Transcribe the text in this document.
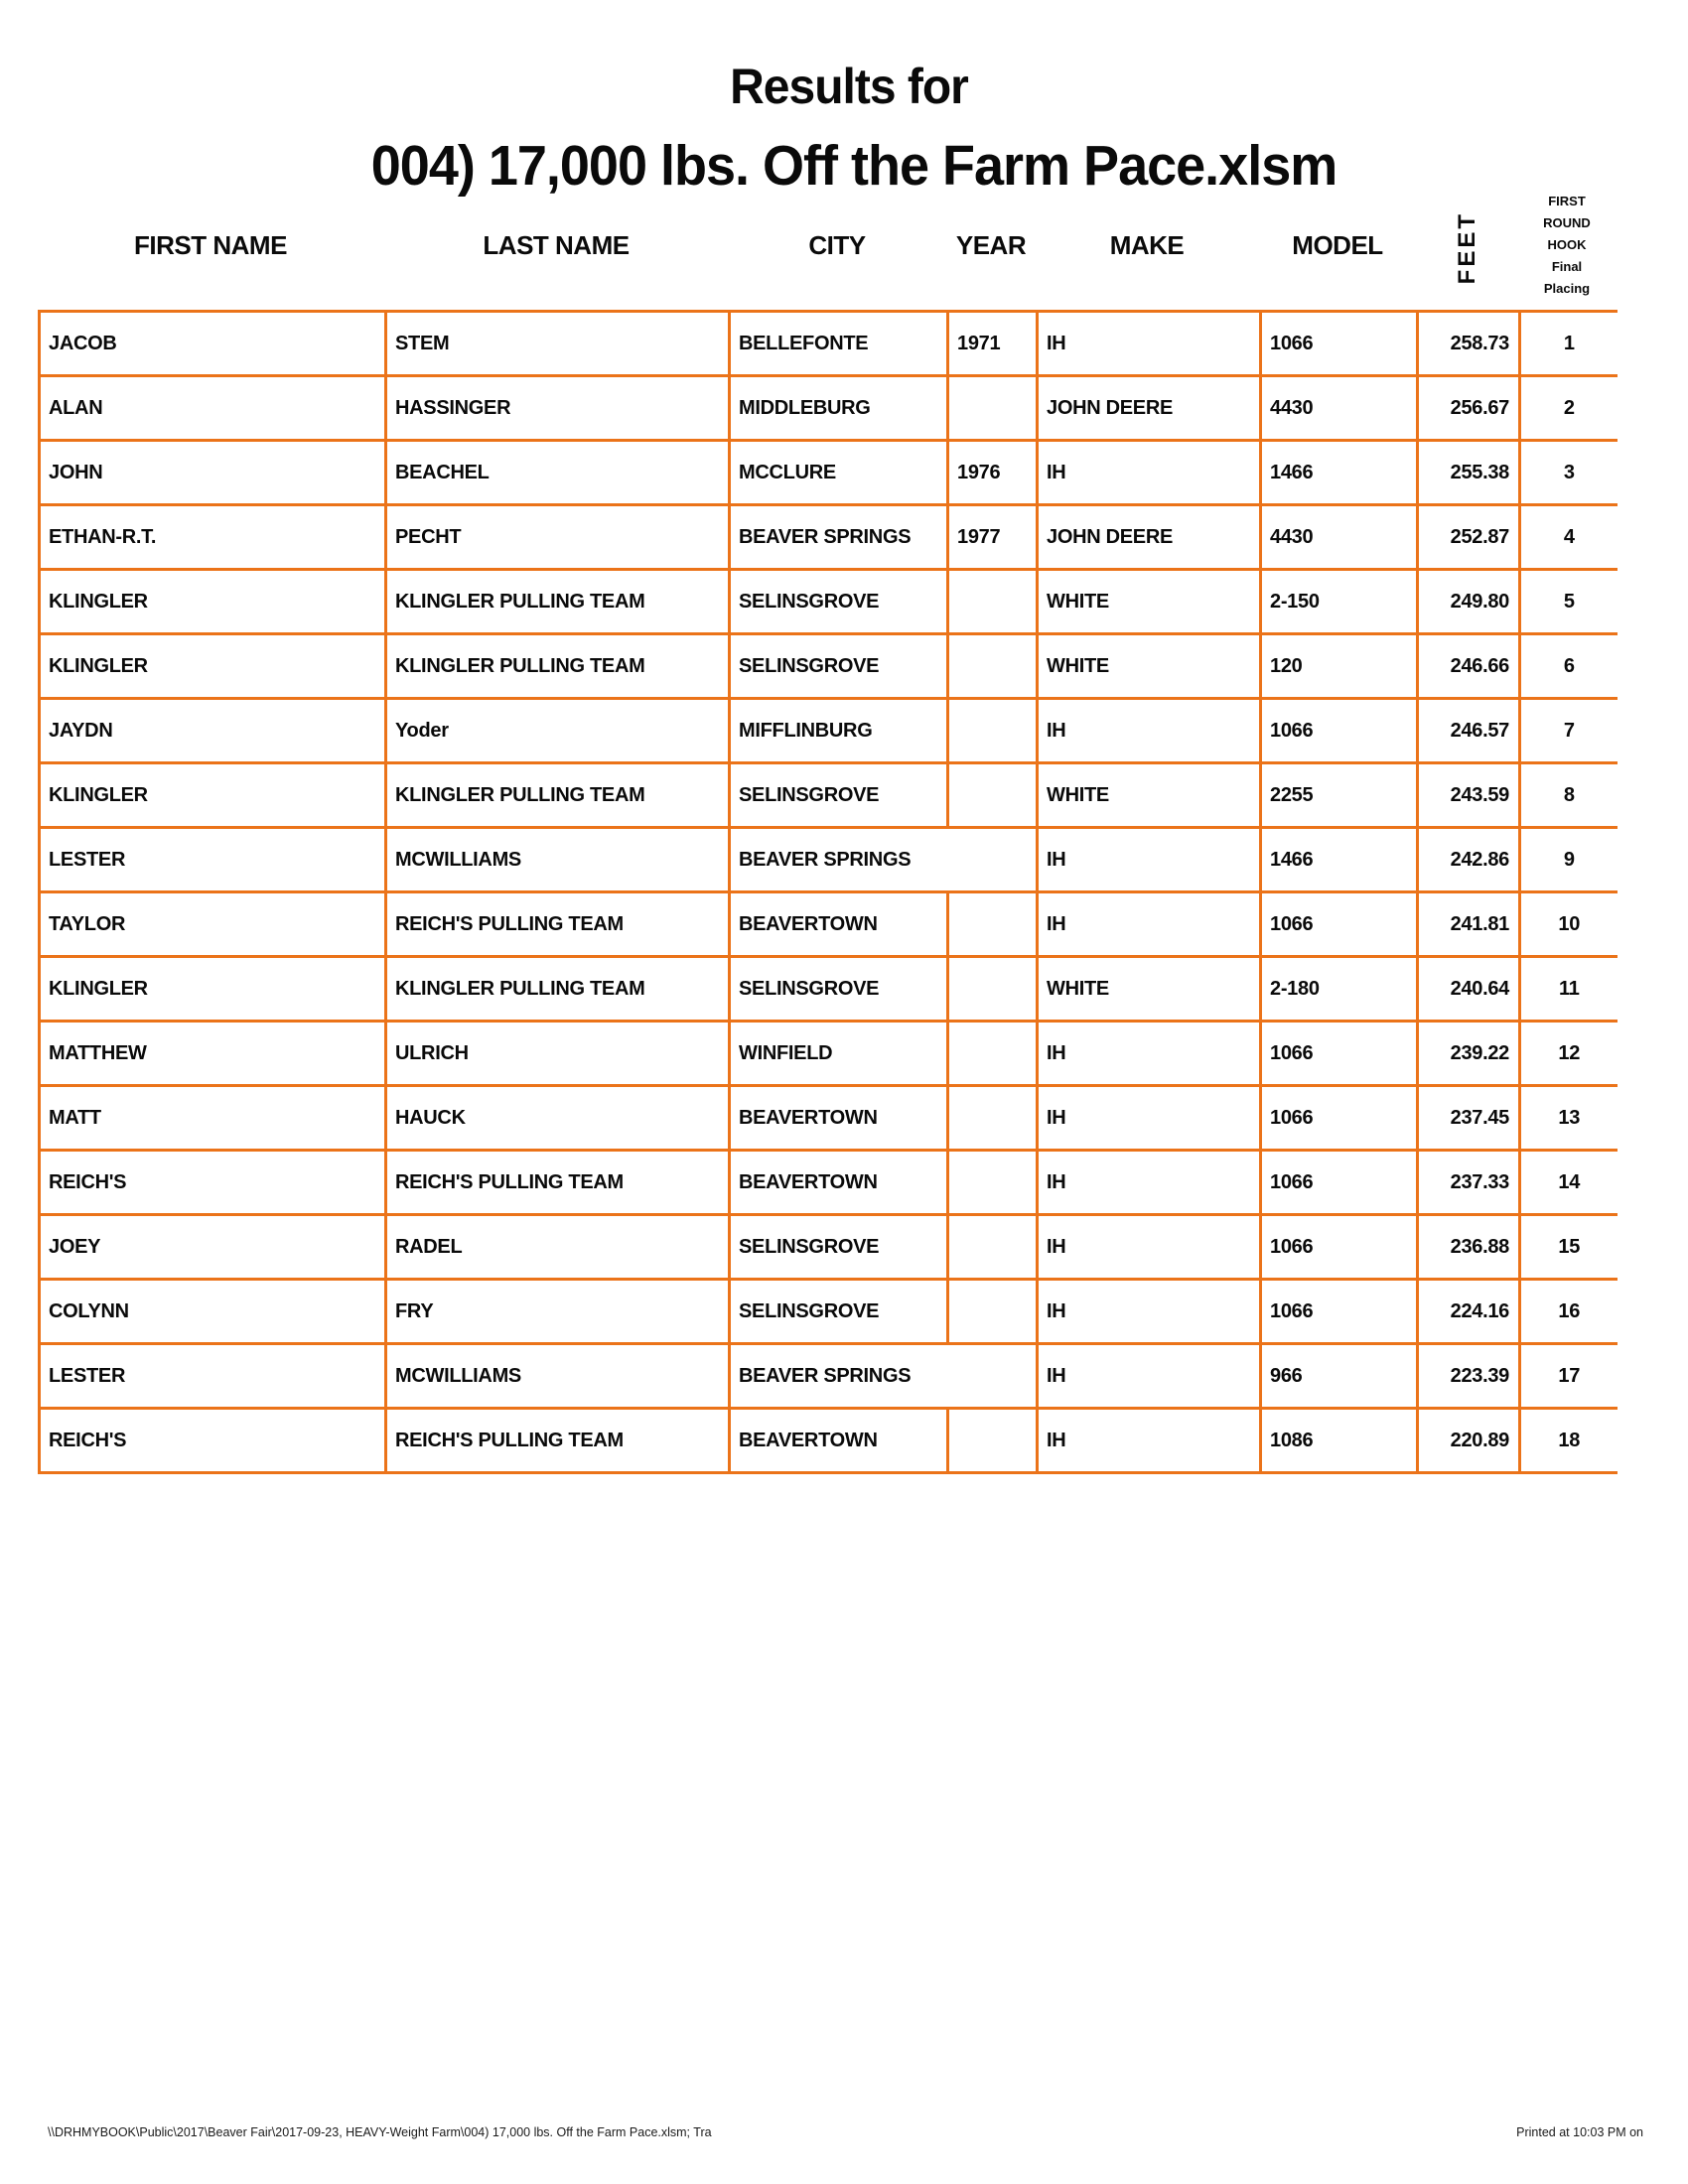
Results for
004) 17,000 lbs. Off the Farm Pace.xlsm
FIRST NAME	LAST NAME	CITY	YEAR	MAKE	MODEL	FEET
FIRST
ROUND
HOOK
Final
Placing
JACOB	STEM	BELLEFONTE	1971	IH	1066	258.73	1
ALAN	HASSINGER	MIDDLEBURG		JOHN DEERE	4430	256.67	2
JOHN	BEACHEL	MCCLURE	1976	IH	1466	255.38	3
ETHAN-R.T.	PECHT	BEAVER SPRINGS	1977	JOHN DEERE	4430	252.87	4
KLINGLER	KLINGLER PULLING TEAM	SELINSGROVE		WHITE	2-150	249.80	5
KLINGLER	KLINGLER PULLING TEAM	SELINSGROVE		WHITE	120	246.66	6
JAYDN	Yoder	MIFFLINBURG		IH	1066	246.57	7
KLINGLER	KLINGLER PULLING TEAM	SELINSGROVE		WHITE	2255	243.59	8
LESTER	MCWILLIAMS	BEAVER SPRINGS		IH	1466	242.86	9
TAYLOR	REICH'S PULLING TEAM	BEAVERTOWN		IH	1066	241.81	10
KLINGLER	KLINGLER PULLING TEAM	SELINSGROVE		WHITE	2-180	240.64	11
MATTHEW	ULRICH	WINFIELD		IH	1066	239.22	12
MATT	HAUCK	BEAVERTOWN		IH	1066	237.45	13
REICH'S	REICH'S PULLING TEAM	BEAVERTOWN		IH	1066	237.33	14
JOEY	RADEL	SELINSGROVE		IH	1066	236.88	15
COLYNN	FRY	SELINSGROVE		IH	1066	224.16	16
LESTER	MCWILLIAMS	BEAVER SPRINGS		IH	966	223.39	17
REICH'S	REICH'S PULLING TEAM	BEAVERTOWN		IH	1086	220.89	18
\\DRHMYBOOK\Public\2017\Beaver Fair\2017-09-23, HEAVY-Weight Farm\004) 17,000 lbs. Off the Farm Pace.xlsm; Tra	Printed at 10:03 PM on
